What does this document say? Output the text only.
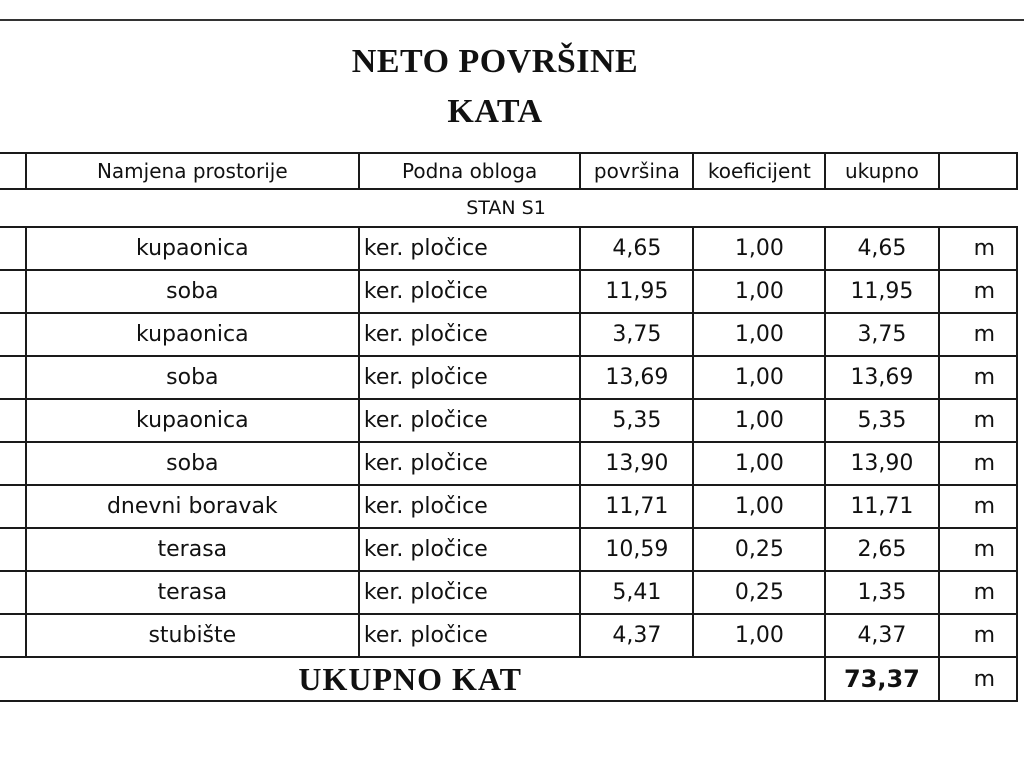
NETO POVRŠINE
KATA
	Namjena prostorije	Podna obloga	površina	koeficijent	ukupno	
STAN S1						
	kupaonica	ker. pločice	4,65	1,00	4,65	m
	soba	ker. pločice	11,95	1,00	11,95	m
	kupaonica	ker. pločice	3,75	1,00	3,75	m
	soba	ker. pločice	13,69	1,00	13,69	m
	kupaonica	ker. pločice	5,35	1,00	5,35	m
	soba	ker. pločice	13,90	1,00	13,90	m
	dnevni boravak	ker. pločice	11,71	1,00	11,71	m
	terasa	ker. pločice	10,59	0,25	2,65	m
	terasa	ker. pločice	5,41	0,25	1,35	m
	stubište	ker. pločice	4,37	1,00	4,37	m
UKUPNO KAT					73,37	m
